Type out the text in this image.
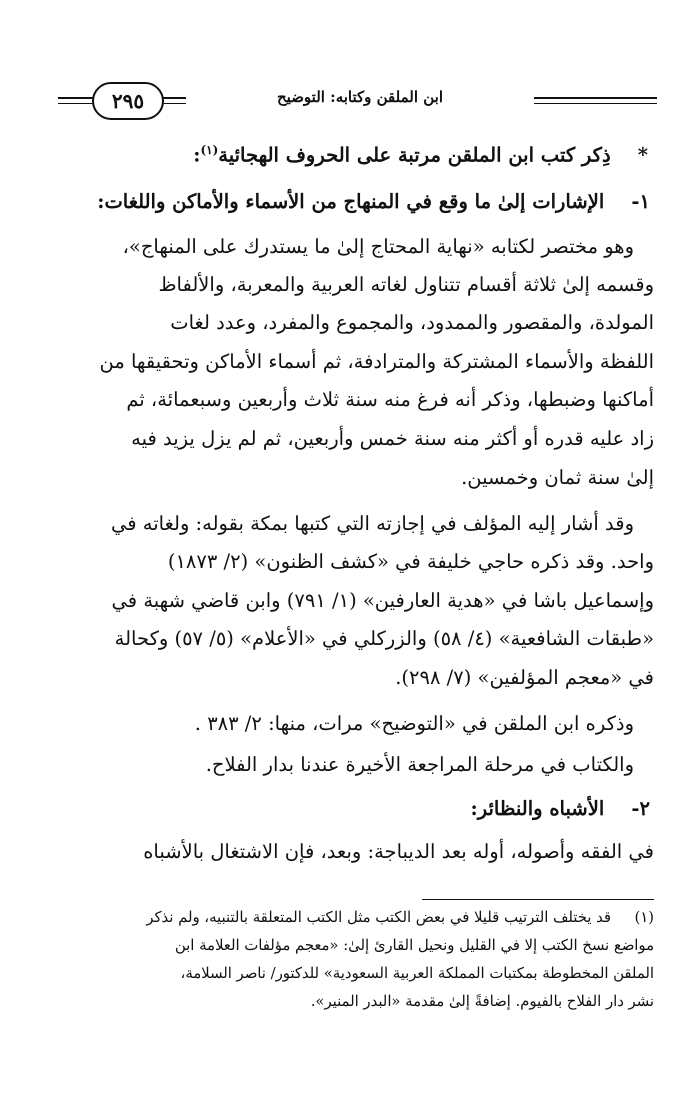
ابن الملقن وكتابه: التوضيح
٢٩٥
*    ذِكر كتب ابن الملقن مرتبة على الحروف الهجائية$^{(١)}$:
١-    الإشارات إلىٰ ما وقع في المنهاج من الأسماء والأماكن واللغات:
وهو مختصر لكتابه «نهاية المحتاج إلىٰ ما يستدرك على المنهاج»،
وقسمه إلىٰ ثلاثة أقسام تتناول لغاته العربية والمعربة، والألفاظ
المولدة، والمقصور والممدود، والمجموع والمفرد، وعدد لغات
اللفظة والأسماء المشتركة والمترادفة، ثم أسماء الأماكن وتحقيقها من
أماكنها وضبطها، وذكر أنه فرغ منه سنة ثلاث وأربعين وسبعمائة، ثم
زاد عليه قدره أو أكثر منه سنة خمس وأربعين، ثم لم يزل يزيد فيه
إلىٰ سنة ثمان وخمسين.
وقد أشار إليه المؤلف في إجازته التي كتبها بمكة بقوله: ولغاته في
واحد. وقد ذكره حاجي خليفة في «كشف الظنون» (٢/ ١٨٧٣)
وإسماعيل باشا في «هدية العارفين» (١/ ٧٩١) وابن قاضي شهبة في
«طبقات الشافعية» (٤/ ٥٨) والزركلي في «الأعلام» (٥/ ٥٧) وكحالة
في «معجم المؤلفين» (٧/ ٢٩٨).
وذكره ابن الملقن في «التوضيح» مرات، منها: ٢/ ٣٨٣ .
والكتاب في مرحلة المراجعة الأخيرة عندنا بدار الفلاح.
٢-    الأشباه والنظائر:
في الفقه وأصوله، أوله بعد الديباجة: وبعد، فإن الاشتغال بالأشباه
(١)     قد يختلف الترتيب قليلا في بعض الكتب مثل الكتب المتعلقة بالتنبيه، ولم نذكر
مواضع نسخ الكتب إلا في القليل ونحيل القارئ إلىٰ: «معجم مؤلفات العلامة ابن
الملقن المخطوطة بمكتبات المملكة العربية السعودية» للدكتور/ ناصر السلامة،
نشر دار الفلاح بالفيوم. إضافةً إلىٰ مقدمة «البدر المنير».
